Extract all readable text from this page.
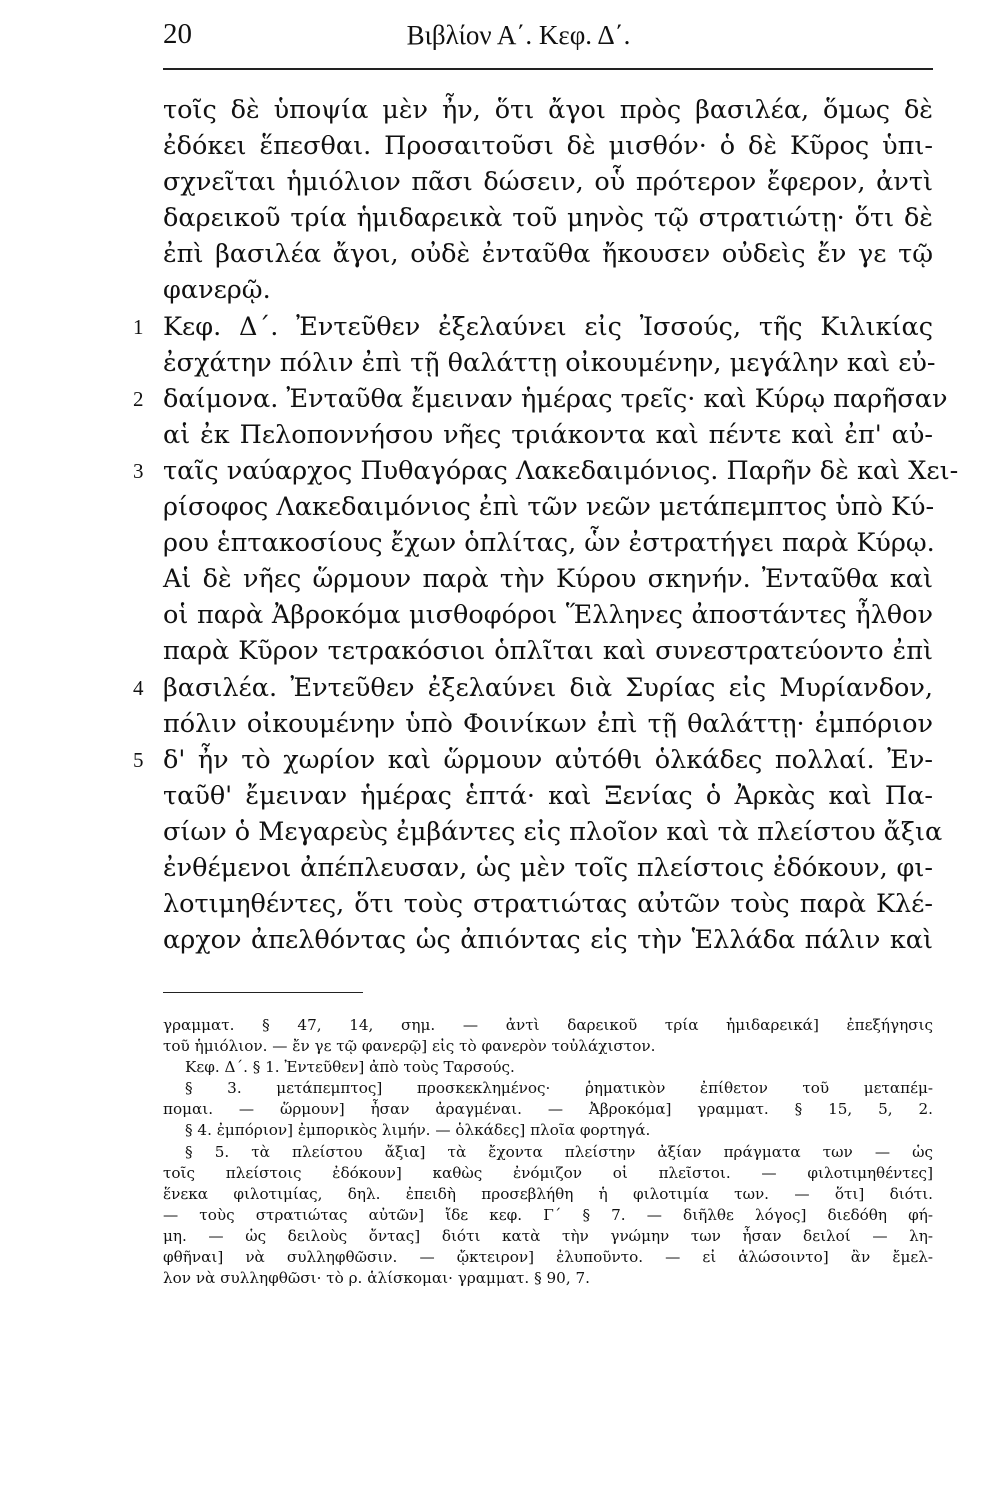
20	Βιβλίον Α΄. Κεφ. Δ΄.
τοῖς δὲ ὑποψία μὲν ἦν, ὅτι ἄγοι πρὸς βασιλέα, ὅμως δὲ
ἐδόκει ἕπεσθαι. Προσαιτοῦσι δὲ μισθόν· ὁ δὲ Κῦρος ὑπι-
σχνεῖται ἡμιόλιον πᾶσι δώσειν, οὗ πρότερον ἔφερον, ἀντὶ
δαρεικοῦ τρία ἡμιδαρεικὰ τοῦ μηνὸς τῷ στρατιώτῃ· ὅτι δὲ
ἐπὶ βασιλέα ἄγοι, οὐδὲ ἐνταῦθα ἤκουσεν οὐδεὶς ἔν γε τῷ
φανερῷ.
1 Κεφ. Δ΄. Ἐντεῦθεν ἐξελαύνει εἰς Ἰσσούς, τῆς Κιλικίας
ἐσχάτην πόλιν ἐπὶ τῇ θαλάττῃ οἰκουμένην, μεγάλην καὶ εὐ-
2 δαίμονα. Ἐνταῦθα ἔμειναν ἡμέρας τρεῖς· καὶ Κύρῳ παρῆσαν
αἱ ἐκ Πελοποννήσου νῆες τριάκοντα καὶ πέντε καὶ ἐπ' αὐ-
3 ταῖς ναύαρχος Πυθαγόρας Λακεδαιμόνιος. Παρῆν δὲ καὶ Χει-
ρίσοφος Λακεδαιμόνιος ἐπὶ τῶν νεῶν μετάπεμπτος ὑπὸ Κύ-
ρου ἑπτακοσίους ἔχων ὁπλίτας, ὧν ἐστρατήγει παρὰ Κύρῳ.
Αἱ δὲ νῆες ὥρμουν παρὰ τὴν Κύρου σκηνήν. Ἐνταῦθα καὶ
οἱ παρὰ Ἀβροκόμα μισθοφόροι Ἕλληνες ἀποστάντες ἦλθον
παρὰ Κῦρον τετρακόσιοι ὁπλῖται καὶ συνεστρατεύοντο ἐπὶ
4 βασιλέα. Ἐντεῦθεν ἐξελαύνει διὰ Συρίας εἰς Μυρίανδον,
πόλιν οἰκουμένην ὑπὸ Φοινίκων ἐπὶ τῇ θαλάττῃ· ἐμπόριον
5 δ' ἦν τὸ χωρίον καὶ ὥρμουν αὐτόθι ὁλκάδες πολλαί. Ἐν-
ταῦθ' ἔμειναν ἡμέρας ἑπτά· καὶ Ξενίας ὁ Ἀρκὰς καὶ Πα-
σίων ὁ Μεγαρεὺς ἐμβάντες εἰς πλοῖον καὶ τὰ πλείστου ἄξια
ἐνθέμενοι ἀπέπλευσαν, ὡς μὲν τοῖς πλείστοις ἐδόκουν, φι-
λοτιμηθέντες, ὅτι τοὺς στρατιώτας αὐτῶν τοὺς παρὰ Κλέ-
αρχον ἀπελθόντας ὡς ἀπιόντας εἰς τὴν Ἑλλάδα πάλιν καὶ
γραμματ. § 47, 14, σημ. — ἀντὶ δαρεικοῦ τρία ἡμιδαρεικά] ἐπεξήγησις
τοῦ ἡμιόλιον. — ἔν γε τῷ φανερῷ] εἰς τὸ φανερὸν τοὐλάχιστον.
Κεφ. Δ΄. § 1. Ἐντεῦθεν] ἀπὸ τοὺς Ταρσούς.
§ 3. μετάπεμπτος] προσκεκλημένος· ῥηματικὸν ἐπίθετον τοῦ μεταπέμ-
πομαι. — ὥρμουν] ἦσαν ἀραγμέναι. — Ἀβροκόμα] γραμματ. § 15, 5, 2.
§ 4. ἐμπόριον] ἐμπορικὸς λιμήν. — ὁλκάδες] πλοῖα φορτηγά.
§ 5. τὰ πλείστου ἄξια] τὰ ἔχοντα πλείστην ἀξίαν πράγματα των — ὡς
τοῖς πλείστοις ἐδόκουν] καθὼς ἐνόμιζον οἱ πλεῖστοι. — φιλοτιμηθέντες]
ἕνεκα φιλοτιμίας, δηλ. ἐπειδὴ προσεβλήθη ἡ φιλοτιμία των. — ὅτι] διότι.
— τοὺς στρατιώτας αὐτῶν] ἴδε κεφ. Γ΄ § 7. — διῆλθε λόγος] διεδόθη φή-
μη. — ὡς δειλοὺς ὄντας] διότι κατὰ τὴν γνώμην των ἦσαν δειλοί — λη-
φθῆναι] νὰ συλληφθῶσιν. — ᾤκτειρον] ἐλυποῦντο. — εἰ ἁλώσοιντο] ἂν ἔμελ-
λον νὰ συλληφθῶσι· τὸ ρ. ἁλίσκομαι· γραμματ. § 90, 7.
